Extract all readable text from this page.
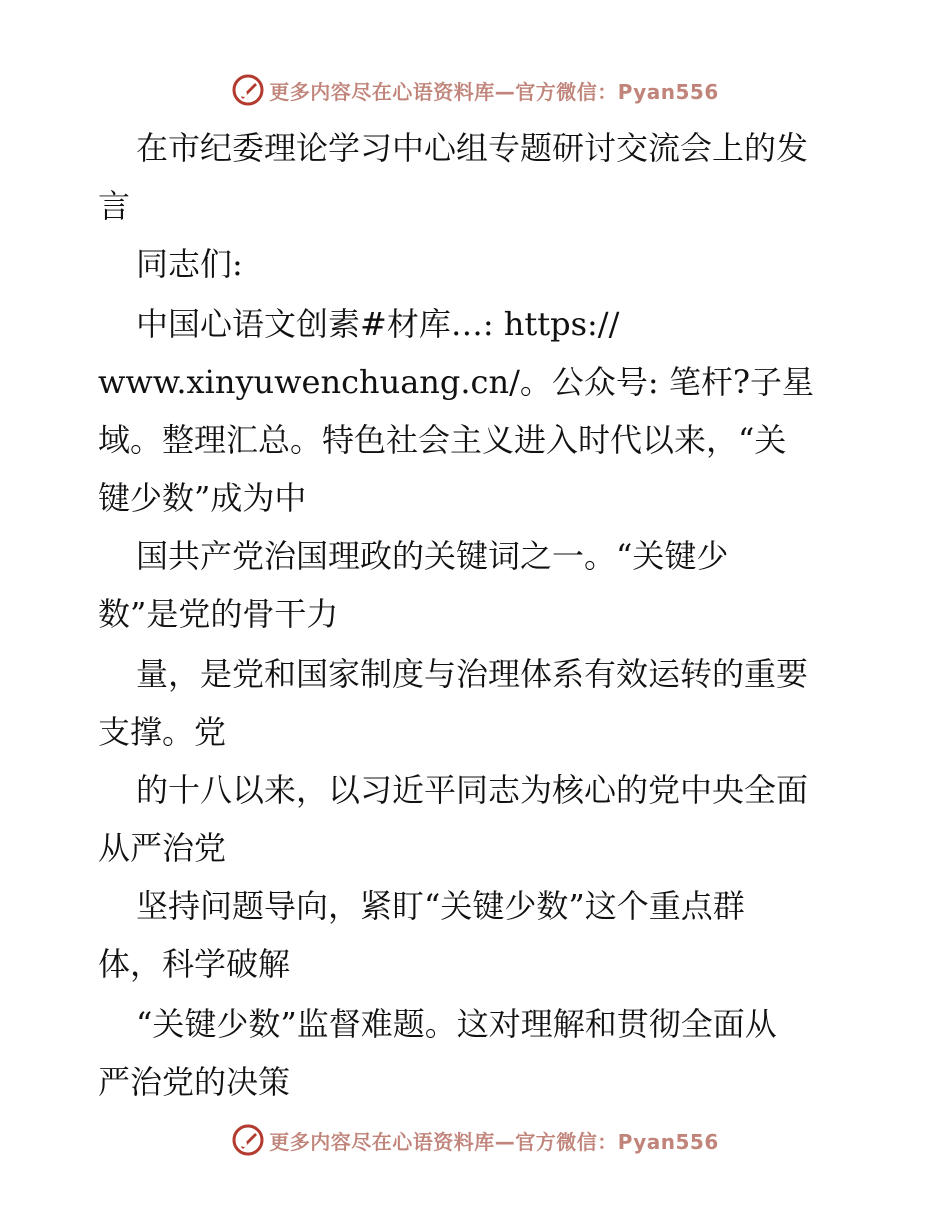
更多内容尽在心语资料库—官方微信：Pyan556
在市纪委理论学习中心组专题研讨交流会上的发
言
同志们:
中国心语文创素#材库…: https://
www.xinyuwenchuang.cn/。公众号: 笔杆?子星
域。整理汇总。特色社会主义进入时代以来，“关
键少数”成为中
国共产党治国理政的关键词之一。“关键少
数”是党的骨干力
量，是党和国家制度与治理体系有效运转的重要
支撑。党
的十八以来，以习近平同志为核心的党中央全面
从严治党
坚持问题导向，紧盯“关键少数”这个重点群
体，科学破解
“关键少数”监督难题。这对理解和贯彻全面从
严治党的决策
更多内容尽在心语资料库—官方微信：Pyan556
